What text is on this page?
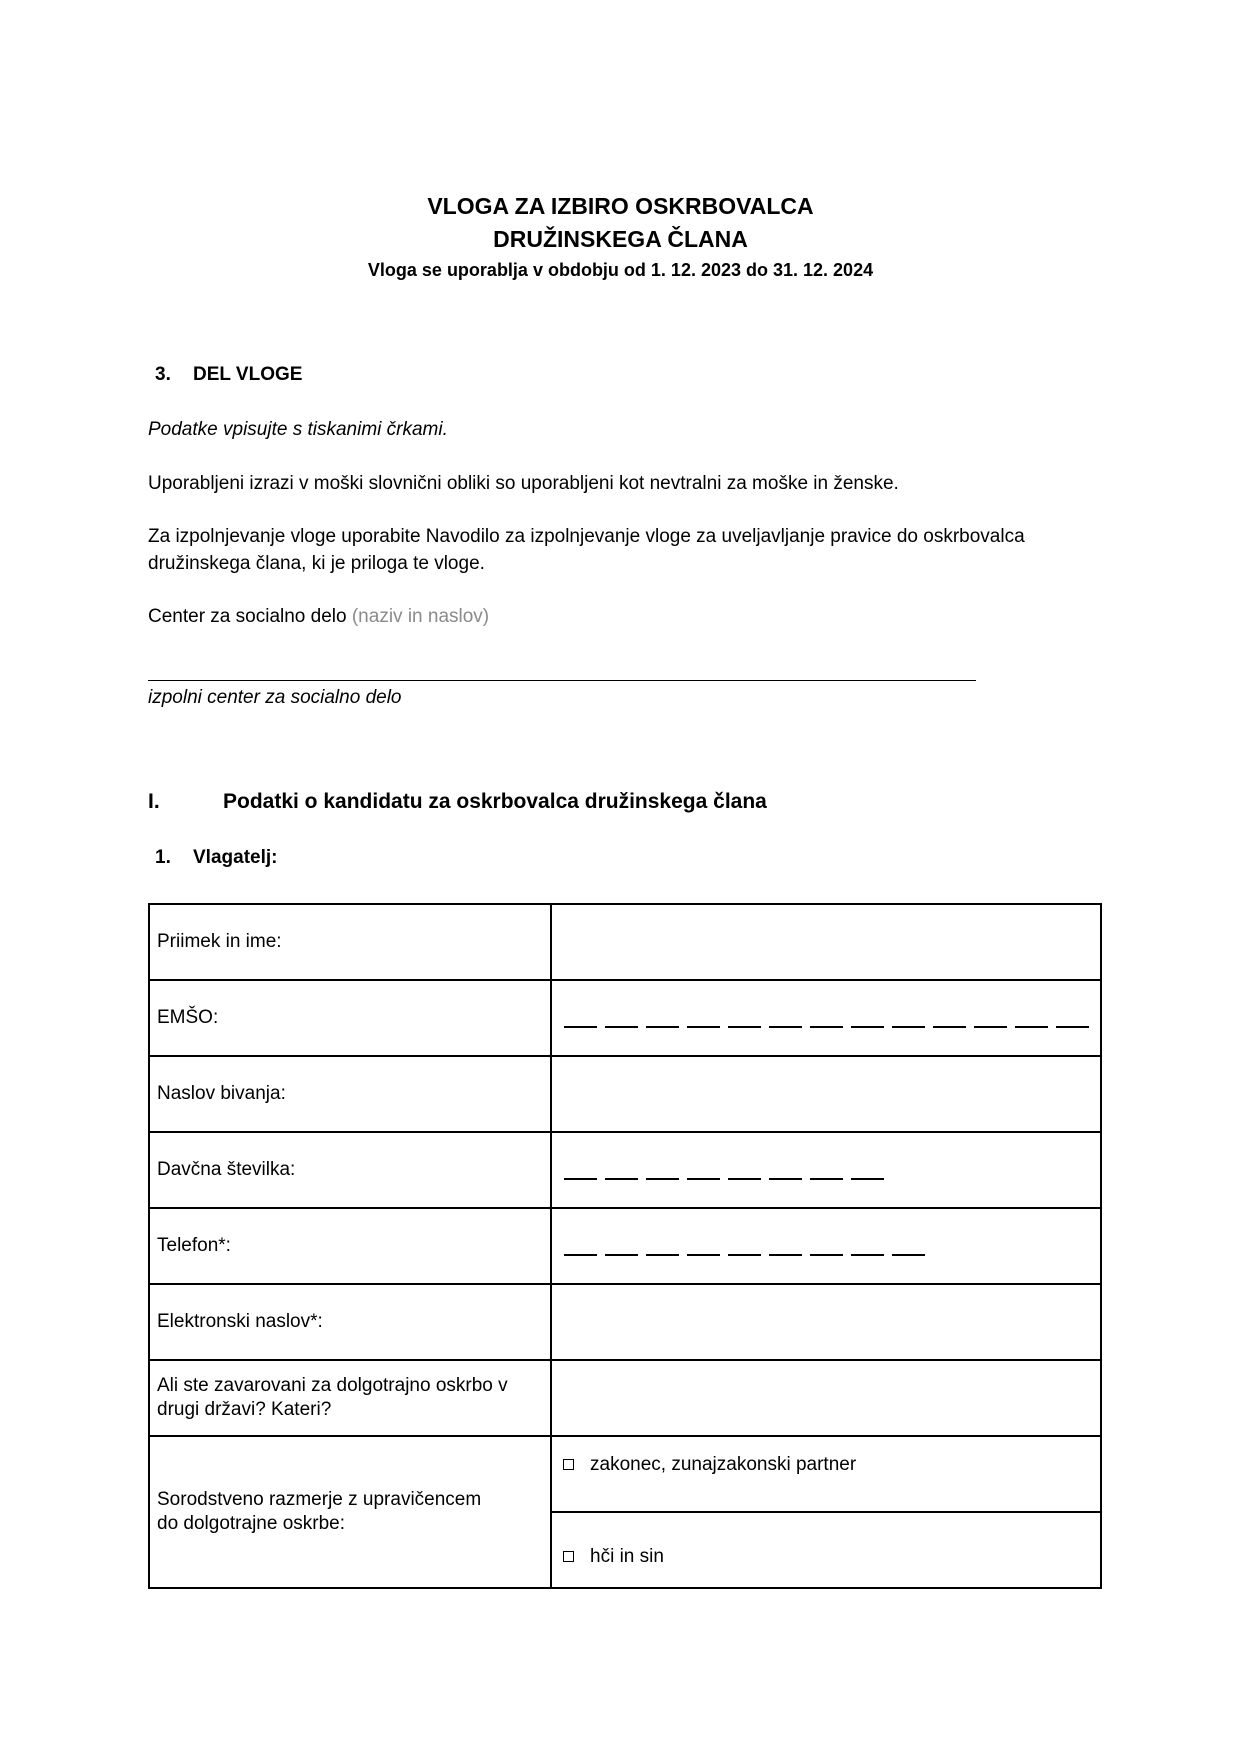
VLOGA ZA IZBIRO OSKRBOVALCA
DRUŽINSKEGA ČLANA
Vloga se uporablja v obdobju od 1. 12. 2023 do 31. 12. 2024
3. DEL VLOGE
Podatke vpisujte s tiskanimi črkami.
Uporabljeni izrazi v moški slovnični obliki so uporabljeni kot nevtralni za moške in ženske.
Za izpolnjevanje vloge uporabite Navodilo za izpolnjevanje vloge za uveljavljanje pravice do oskrbovalca
družinskega člana, ki je priloga te vloge.
Center za socialno delo (naziv in naslov)
izpolni center za socialno delo
I.	Podatki o kandidatu za oskrbovalca družinskega člana
1. Vlagatelj:
Priimek in ime:	
EMŠO:	

Naslov bivanja:	
Davčna številka:	

Telefon*:	

Elektronski naslov*:	

Ali ste zavarovani za dolgotrajno oskrbo v
drugi državi? Kateri?	

Sorodstveno razmerje z upravičencem
do dolgotrajne oskrbe:	zakonec, zunajzakonski partner

	hči in sin
